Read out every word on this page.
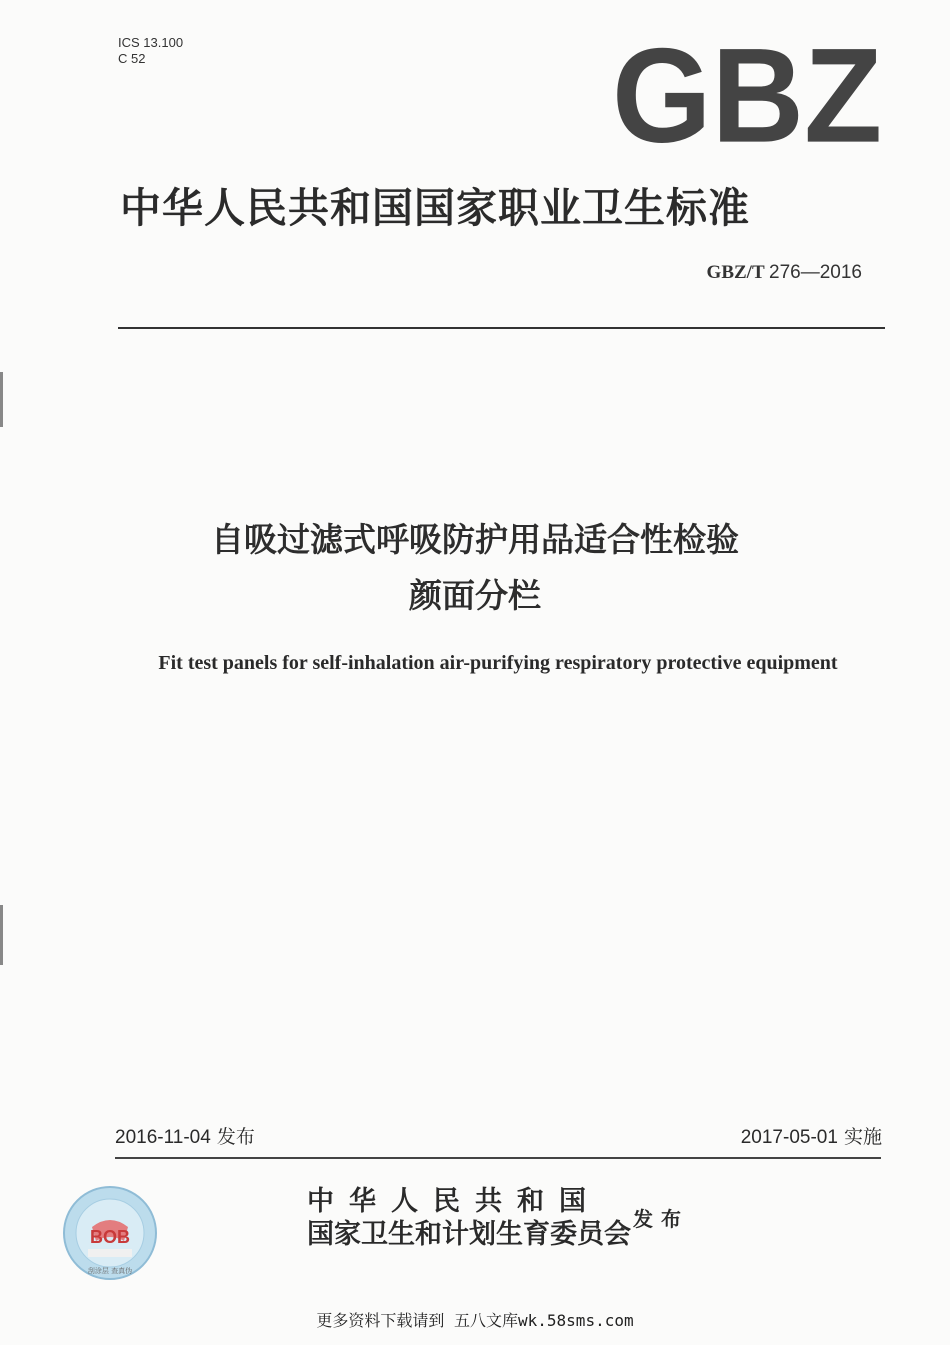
ICS 13.100
C 52	GBZ
中华人民共和国国家职业卫生标准
GBZ/T 276—2016
自吸过滤式呼吸防护用品适合性检验
颜面分栏
Fit test panels for self-inhalation air-purifying respiratory protective equipment
2016-11-04 发布	2017-05-01 实施
BOB
刮涂层 查真伪
中华人民共和国
国家卫生和计划生育委员会 发布
更多资料下载请到 五八文库wk.58sms.com
